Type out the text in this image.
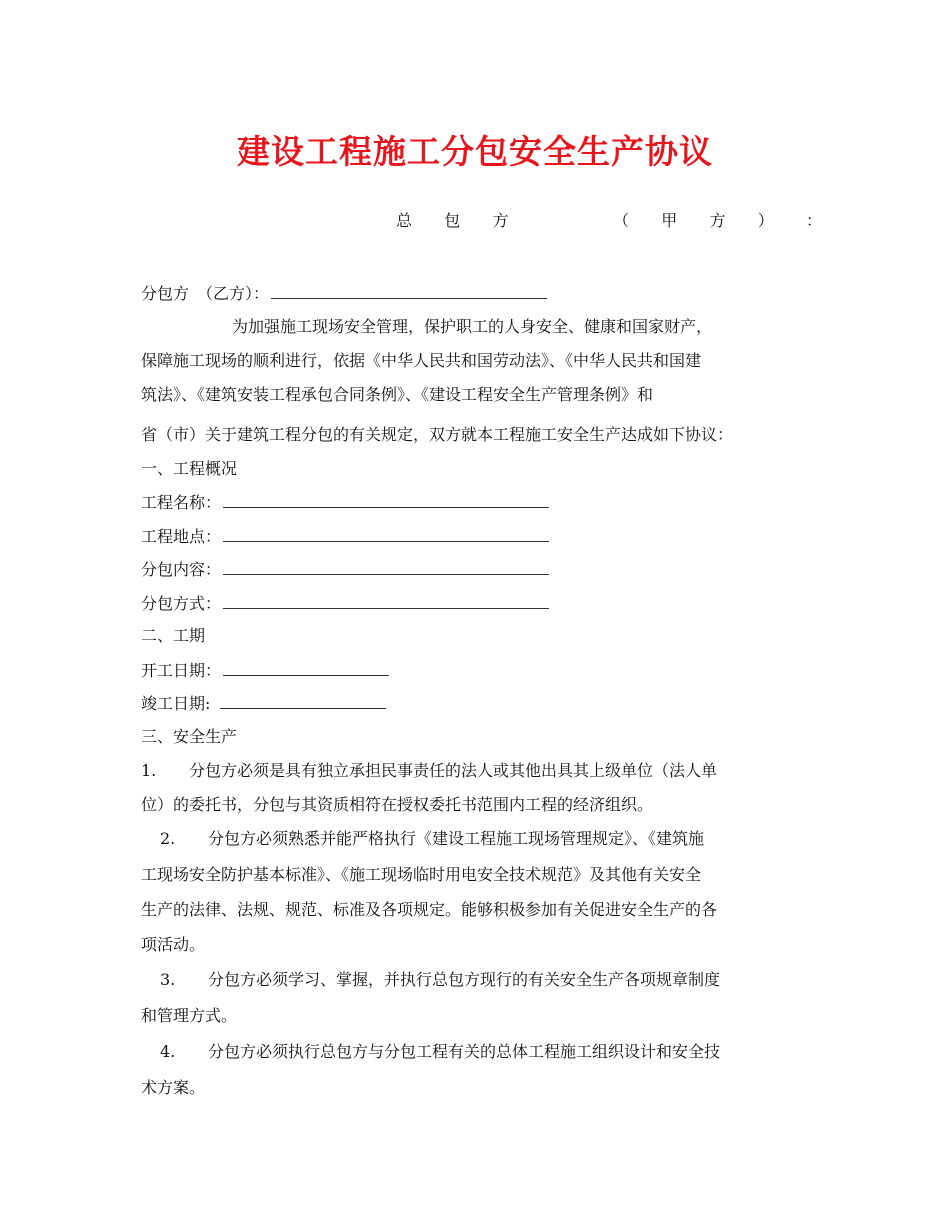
建设工程施工分包安全生产协议
总 包 方	（ 甲 方 ） ：
分包方　（乙方）：
为加强施工现场安全管理，保护职工的人身安全、健康和国家财产，
保障施工现场的顺利进行，依据《中华人民共和国劳动法》、《中华人民共和国建
筑法》、《建筑安装工程承包合同条例》、《建设工程安全生产管理条例》和
省（市）关于建筑工程分包的有关规定，双方就本工程施工安全生产达成如下协议：
一、工程概况
工程名称：
工程地点：
分包内容：
分包方式：
二、工期
开工日期：
竣工日期:
三、安全生产
1. 分包方必须是具有独立承担民事责任的法人或其他出具其上级单位（法人单
位）的委托书，分包与其资质相符在授权委托书范围内工程的经济组织。
2. 分包方必须熟悉并能严格执行《建设工程施工现场管理规定》、《建筑施
工现场安全防护基本标准》、《施工现场临时用电安全技术规范》及其他有关安全
生产的法律、法规、规范、标准及各项规定。能够积极参加有关促进安全生产的各
项活动。
3. 分包方必须学习、掌握，并执行总包方现行的有关安全生产各项规章制度
和管理方式。
4. 分包方必须执行总包方与分包工程有关的总体工程施工组织设计和安全技
术方案。
